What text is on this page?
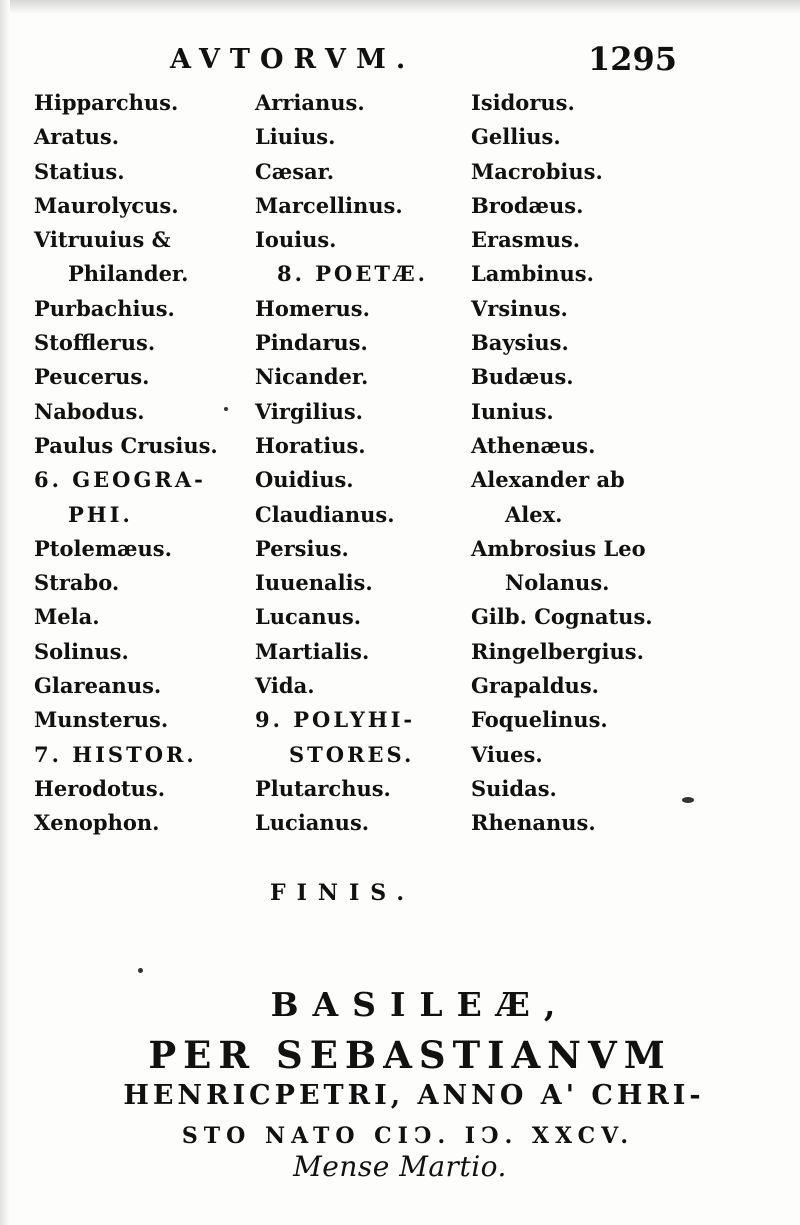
AVTORVM.	1295
Hipparchus.
Aratus.
Statius.
Maurolycus.
Vitruuius &
Philander.
Purbachius.
Stofflerus.
Peucerus.
Nabodus.
Paulus Crusius.
6. GEOGRA-
PHI.
Ptolemæus.
Strabo.
Mela.
Solinus.
Glareanus.
Munsterus.
7. HISTOR.
Herodotus.
Xenophon.
Arrianus.
Liuius.
Cæsar.
Marcellinus.
Iouius.
8. POETÆ.
Homerus.
Pindarus.
Nicander.
Virgilius.
Horatius.
Ouidius.
Claudianus.
Persius.
Iuuenalis.
Lucanus.
Martialis.
Vida.
9. POLYHI-
STORES.
Plutarchus.
Lucianus.
Isidorus.
Gellius.
Macrobius.
Brodæus.
Erasmus.
Lambinus.
Vrsinus.
Baysius.
Budæus.
Iunius.
Athenæus.
Alexander ab
Alex.
Ambrosius Leo
Nolanus.
Gilb. Cognatus.
Ringelbergius.
Grapaldus.
Foquelinus.
Viues.
Suidas.
Rhenanus.
FINIS.
BASILEÆ,
PER SEBASTIANVM
HENRICPETRI, ANNO A' CHRI-
STO NATO CIↃ. IↃ. XXCV.
Mense Martio.
